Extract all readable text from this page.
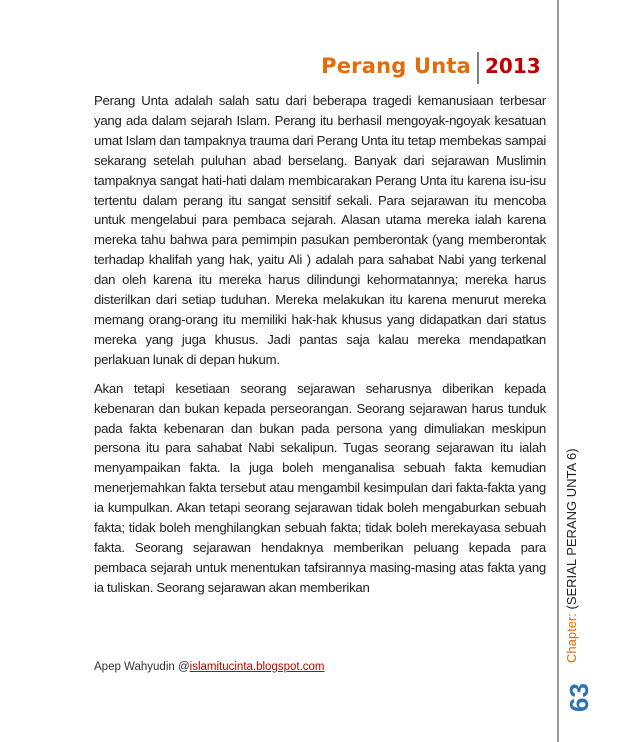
Perang Unta 2013

Perang Unta adalah salah satu dari beberapa tragedi kemanusiaan terbesar yang ada dalam sejarah Islam. Perang itu berhasil mengoyak-ngoyak kesatuan umat Islam dan tampaknya trauma dari Perang Unta itu tetap membekas sampai sekarang setelah puluhan abad berselang. Banyak dari sejarawan Muslimin tampaknya sangat hati-hati dalam membicarakan Perang Unta itu karena isu-isu tertentu dalam perang itu sangat sensitif sekali. Para sejarawan itu mencoba untuk mengelabui para pembaca sejarah. Alasan utama mereka ialah karena mereka tahu bahwa para pemimpin pasukan pemberontak (yang memberontak terhadap khalifah yang hak, yaitu Ali ) adalah para sahabat Nabi yang terkenal dan oleh karena itu mereka harus dilindungi kehormatannya; mereka harus disterilkan dari setiap tuduhan. Mereka melakukan itu karena menurut mereka memang orang-orang itu memiliki hak-hak khusus yang didapatkan dari status mereka yang juga khusus. Jadi pantas saja kalau mereka mendapatkan perlakuan lunak di depan hukum.

Akan tetapi kesetiaan seorang sejarawan seharusnya diberikan kepada kebenaran dan bukan kepada perseorangan. Seorang sejarawan harus tunduk pada fakta kebenaran dan bukan pada persona yang dimuliakan meskipun persona itu para sahabat Nabi sekalipun. Tugas seorang sejarawan itu ialah menyampaikan fakta. Ia juga boleh menganalisa sebuah fakta kemudian menerjemahkan fakta tersebut atau mengambil kesimpulan dari fakta-fakta yang ia kumpulkan. Akan tetapi seorang sejarawan tidak boleh mengaburkan sebuah fakta; tidak boleh menghilangkan sebuah fakta; tidak boleh merekayasa sebuah fakta. Seorang sejarawan hendaknya memberikan peluang kepada para pembaca sejarah untuk menentukan tafsirannya masing-masing atas fakta yang ia tuliskan. Seorang sejarawan akan memberikan

Chapter: (SERIAL PERANG UNTA 6)
63
Apep Wahyudin @islamitucinta.blogspot.com
